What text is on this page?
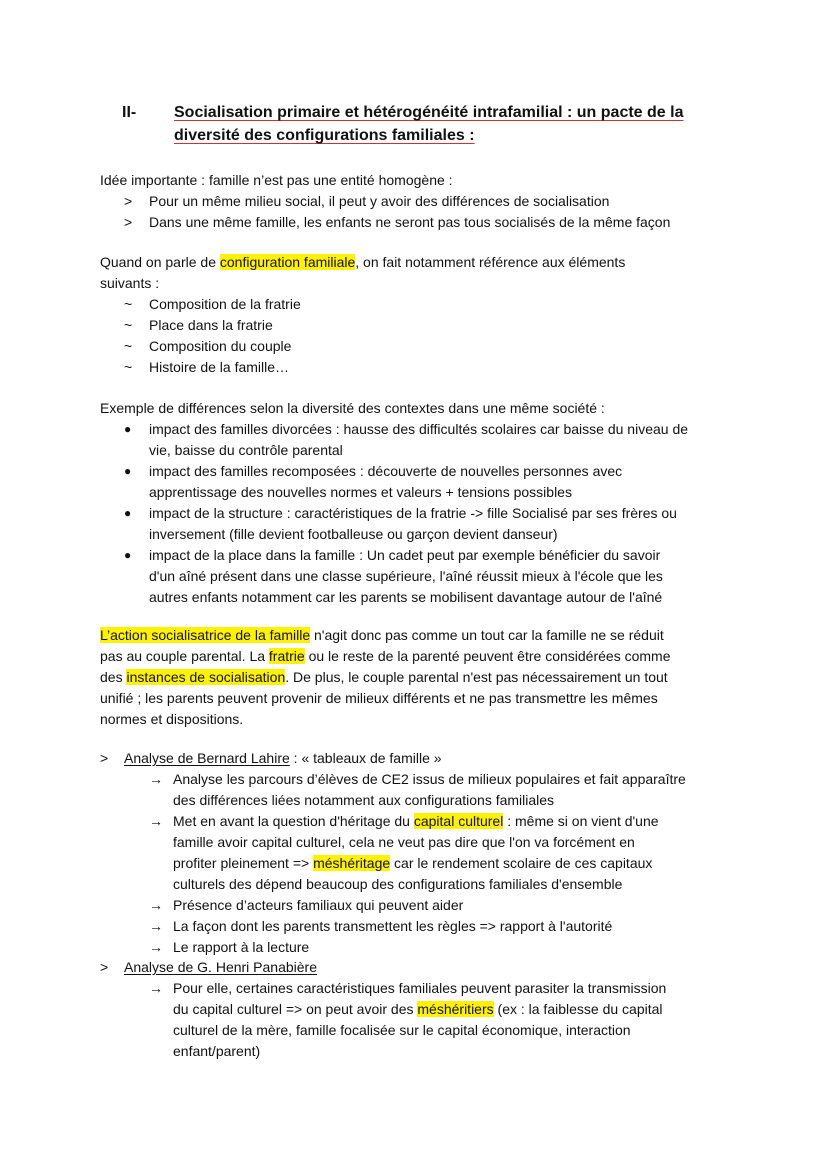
II- Socialisation primaire et hétérogénéité intrafamilial : un pacte de la
diversité des configurations familiales :
Idée importante : famille n’est pas une entité homogène :
> Pour un même milieu social, il peut y avoir des différences de socialisation
> Dans une même famille, les enfants ne seront pas tous socialisés de la même façon
Quand on parle de configuration familiale, on fait notamment référence aux éléments
suivants :
~ Composition de la fratrie
~ Place dans la fratrie
~ Composition du couple
~ Histoire de la famille…
Exemple de différences selon la diversité des contextes dans une même société :
● impact des familles divorcées : hausse des difficultés scolaires car baisse du niveau de
vie, baisse du contrôle parental
● impact des familles recomposées : découverte de nouvelles personnes avec
apprentissage des nouvelles normes et valeurs + tensions possibles
● impact de la structure : caractéristiques de la fratrie -> fille Socialisé par ses frères ou
inversement (fille devient footballeuse ou garçon devient danseur)
● impact de la place dans la famille : Un cadet peut par exemple bénéficier du savoir
d'un aîné présent dans une classe supérieure, l'aîné réussit mieux à l'école que les
autres enfants notamment car les parents se mobilisent davantage autour de l'aîné
L’action socialisatrice de la famille n'agit donc pas comme un tout car la famille ne se réduit
pas au couple parental. La fratrie ou le reste de la parenté peuvent être considérées comme
des instances de socialisation. De plus, le couple parental n'est pas nécessairement un tout
unifié ; les parents peuvent provenir de milieux différents et ne pas transmettre les mêmes
normes et dispositions.
> Analyse de Bernard Lahire : « tableaux de famille »
→ Analyse les parcours d’élèves de CE2 issus de milieux populaires et fait apparaître
des différences liées notamment aux configurations familiales
→ Met en avant la question d'héritage du capital culturel : même si on vient d'une
famille avoir capital culturel, cela ne veut pas dire que l'on va forcément en
profiter pleinement => méshéritage car le rendement scolaire de ces capitaux
culturels des dépend beaucoup des configurations familiales d'ensemble
→ Présence d’acteurs familiaux qui peuvent aider
→ La façon dont les parents transmettent les règles => rapport à l'autorité
→ Le rapport à la lecture
> Analyse de G. Henri Panabière
→ Pour elle, certaines caractéristiques familiales peuvent parasiter la transmission
du capital culturel => on peut avoir des méshéritiers (ex : la faiblesse du capital
culturel de la mère, famille focalisée sur le capital économique, interaction
enfant/parent)
